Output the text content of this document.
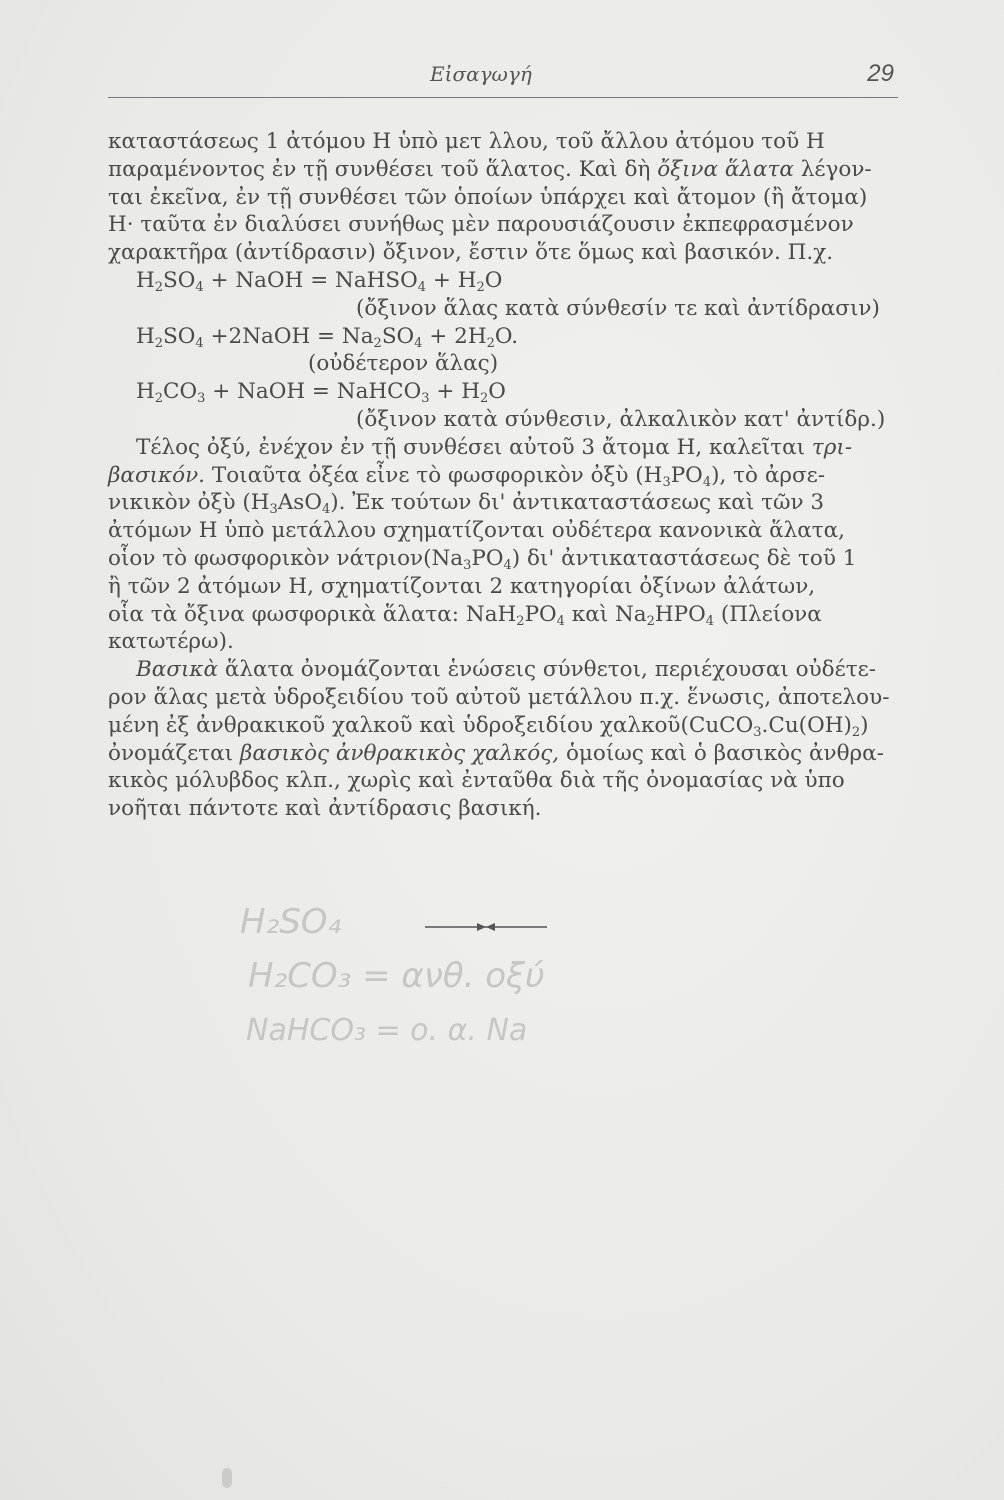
Εἰσαγωγή	29
καταστάσεως 1 ἀτόμου Η ὑπὸ μετ λλου, τοῦ ἄλλου ἀτόμου τοῦ Η
παραμένοντος ἐν τῇ συνθέσει τοῦ ἅλατος. Καὶ δὴ ὄξινα ἅλατα λέγον-
ται ἐκεῖνα, ἐν τῇ συνθέσει τῶν ὁποίων ὑπάρχει καὶ ἄτομον (ἢ ἄτομα)
Η· ταῦτα ἐν διαλύσει συνήθως μὲν παρουσιάζουσιν ἐκπεφρασμένον
χαρακτῆρα (ἀντίδρασιν) ὄξινον, ἔστιν ὅτε ὅμως καὶ βασικόν. Π.χ.
$H_2SO_4$ + NaOH = NaHSO$_4$ + $H_2O$
(ὄξινον ἅλας κατὰ σύνθεσίν τε καὶ ἀντίδρασιν)
$H_2SO_4$ +2NaOH = $Na_2SO_4 + 2H_2O$.
(οὐδέτερον ἅλας)
$H_2CO_3$ + NaOH = NaHCO$_3$ + $H_2O$
(ὄξινον κατὰ σύνθεσιν, ἀλκαλικὸν κατ' ἀντίδρ.)
Τέλος ὀξύ, ἐνέχον ἐν τῇ συνθέσει αὐτοῦ 3 ἄτομα Η, καλεῖται τρι-
βασικόν. Τοιαῦτα ὀξέα εἶνε τὸ φωσφορικὸν ὀξὺ $(H_3PO_4)$, τὸ ἀρσε-
νικικὸν ὀξὺ $(H_3AsO_4)$. Ἐκ τούτων δι' ἀντικαταστάσεως καὶ τῶν 3
ἀτόμων Η ὑπὸ μετάλλου σχηματίζονται οὐδέτερα κανονικὰ ἅλατα,
οἷον τὸ φωσφορικὸν $\nu ά\tau\rho\iota o\nu(Na_3PO_4)$ δι' ἀντικαταστάσεως δὲ τοῦ 1
ἢ τῶν 2 ἀτόμων Η, σχηματίζονται 2 κατηγορίαι ὀξίνων ἀλάτων,
οἷα τὰ ὄξινα φωσφορικὰ ἅλατα: $NaH_2PO_4$ καὶ $Na_2HPO_4$ (Πλείονα
κατωτέρω).
Βασικὰ ἅλατα ὀνομάζονται ἑνώσεις σύνθετοι, περιέχουσαι οὐδέτε-
ρον ἅλας μετὰ ὑδροξειδίου τοῦ αὐτοῦ μετάλλου π.χ. ἕνωσις, ἀποτελου-
μένη ἐξ ἀνθρακικοῦ χαλκοῦ καὶ ὑδροξειδίου $\chi\alpha\lambda\kappa oῦ(CuCO_3.Cu(OH)_2)$
ὀνομάζεται βασικὸς ἀνθρακικὸς χαλκός, ὁμοίως καὶ ὁ βασικὸς ἀνθρα-
κικὸς μόλυβδος κλπ., χωρὶς καὶ ἐνταῦθα διὰ τῆς ὀνομασίας νὰ ὑπο
νοῆται πάντοτε καὶ ἀντίδρασις βασική.
H₂SO₄
H₂CO₃ = ανθ. οξύ
NaHCO₃ = ο. α. Na
